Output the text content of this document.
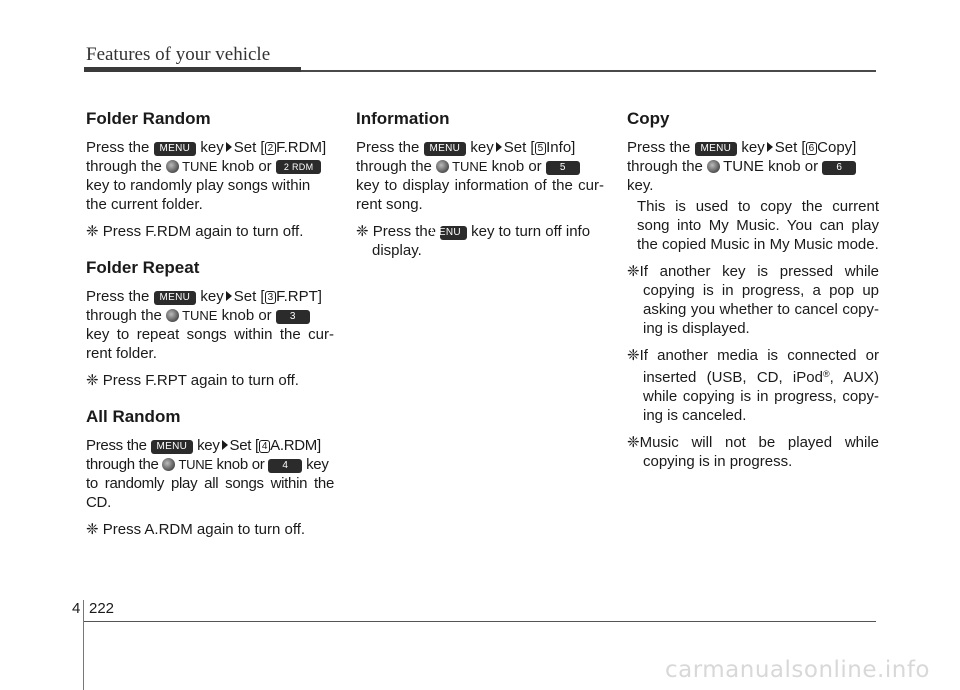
Features of your vehicle
Folder Random

Press the MENU key Set [ 2 F.RDM]
through the TUNE knob or 2 RDM
key to randomly play songs within the current folder.

❈ Press F.RDM again to turn off.

Folder Repeat

Press the MENU key Set [ 3 F.RPT]
through the TUNE knob or 3
key to repeat songs within the cur-rent folder.

❈ Press F.RPT again to turn off.

All Random

Press the MENU key Set [ 4 A.RDM]
through the TUNE knob or 4 key
to randomly play all songs within the CD.

❈ Press A.RDM again to turn off.

Information

Press the MENU key Set [ 5 Info]
through the TUNE knob or 5
key to display information of the cur-rent song.

❈ Press the MENU key to turn off info display.

Copy

Press the MENU key Set [ 6 Copy]
through the TUNE knob or 6
key.

This is used to copy the current song into My Music. You can play the copied Music in My Music mode.

❈If another key is pressed while copying is in progress, a pop up asking you whether to cancel copy-ing is displayed.

❈If another media is connected or inserted (USB, CD, iPod®, AUX) while copying is in progress, copy-ing is canceled.

❈Music will not be played while copying is in progress.

4 222
carmanualsonline.info
